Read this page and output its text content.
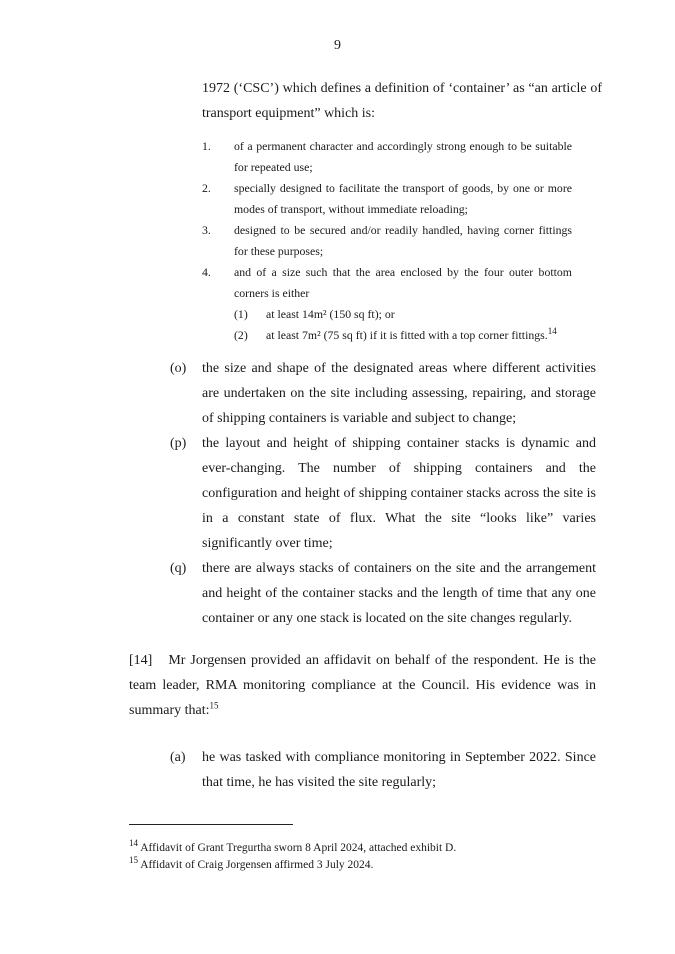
9
1972 (‘CSC’) which defines a definition of ‘container’ as “an article of transport equipment” which is:
1. of a permanent character and accordingly strong enough to be suitable for repeated use;
2. specially designed to facilitate the transport of goods, by one or more modes of transport, without immediate reloading;
3. designed to be secured and/or readily handled, having corner fittings for these purposes;
4. and of a size such that the area enclosed by the four outer bottom corners is either
(1) at least 14m² (150 sq ft); or
(2) at least 7m² (75 sq ft) if it is fitted with a top corner fittings.$^{14}$
(o) the size and shape of the designated areas where different activities are undertaken on the site including assessing, repairing, and storage of shipping containers is variable and subject to change;
(p) the layout and height of shipping container stacks is dynamic and ever-changing. The number of shipping containers and the configuration and height of shipping container stacks across the site is in a constant state of flux. What the site “looks like” varies significantly over time;
(q) there are always stacks of containers on the site and the arrangement and height of the container stacks and the length of time that any one container or any one stack is located on the site changes regularly.
[14] Mr Jorgensen provided an affidavit on behalf of the respondent. He is the team leader, RMA monitoring compliance at the Council. His evidence was in summary that:$^{15}$
(a) he was tasked with compliance monitoring in September 2022. Since that time, he has visited the site regularly;
$^{14}$ Affidavit of Grant Tregurtha sworn 8 April 2024, attached exhibit D.
$^{15}$ Affidavit of Craig Jorgensen affirmed 3 July 2024.
